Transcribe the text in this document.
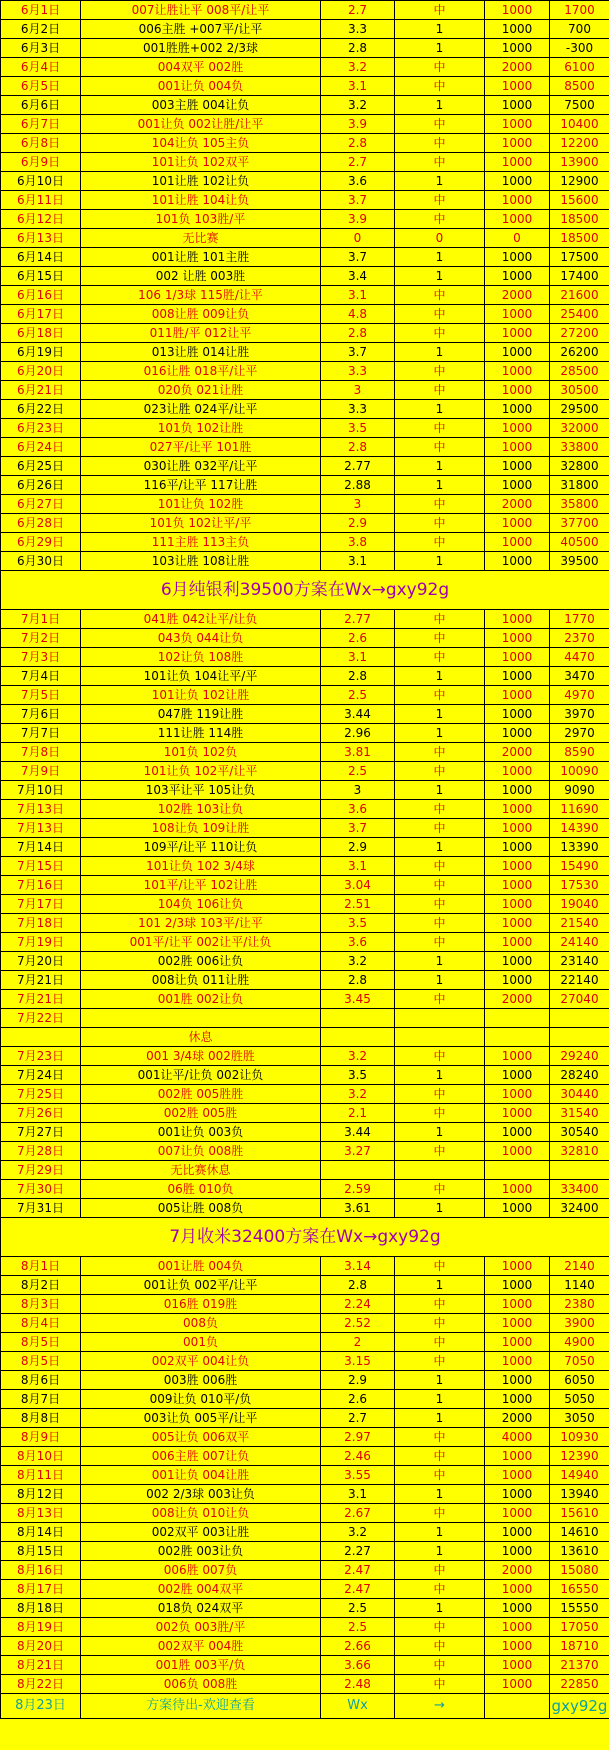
6月1日	007让胜让平 008平/让平	2.7	中	1000	1700
6月2日	006主胜 +007平/让平	3.3	1	1000	700
6月3日	001胜胜+002 2/3球	2.8	1	1000	-300
6月4日	004双平 002胜	3.2	中	2000	6100
6月5日	001让负 004负	3.1	中	1000	8500
6月6日	003主胜 004让负	3.2	1	1000	7500
6月7日	001让负 002让胜/让平	3.9	中	1000	10400
6月8日	104让负 105主负	2.8	中	1000	12200
6月9日	101让负 102双平	2.7	中	1000	13900
6月10日	101让胜 102让负	3.6	1	1000	12900
6月11日	101让胜 104让负	3.7	中	1000	15600
6月12日	101负 103胜/平	3.9	中	1000	18500
6月13日	无比赛	0	0	0	18500
6月14日	001让胜 101主胜	3.7	1	1000	17500
6月15日	002 让胜 003胜	3.4	1	1000	17400
6月16日	106 1/3球 115胜/让平	3.1	中	2000	21600
6月17日	008让胜 009让负	4.8	中	1000	25400
6月18日	011胜/平 012让平	2.8	中	1000	27200
6月19日	013让胜 014让胜	3.7	1	1000	26200
6月20日	016让胜 018平/让平	3.3	中	1000	28500
6月21日	020负 021让胜	3	中	1000	30500
6月22日	023让胜 024平/让平	3.3	1	1000	29500
6月23日	101负 102让胜	3.5	中	1000	32000
6月24日	027平/让平 101胜	2.8	中	1000	33800
6月25日	030让胜 032平/让平	2.77	1	1000	32800
6月26日	116平/让平 117让胜	2.88	1	1000	31800
6月27日	101让负 102胜	3	中	2000	35800
6月28日	101负 102让平/平	2.9	中	1000	37700
6月29日	111主胜 113主负	3.8	中	1000	40500
6月30日	103让胜 108让胜	3.1	1	1000	39500
6月纯银利39500方案在Wx→gxy92g					
7月1日	041胜 042让平/让负	2.77	中	1000	1770
7月2日	043负 044让负	2.6	中	1000	2370
7月3日	102让负 108胜	3.1	中	1000	4470
7月4日	101让负 104让平/平	2.8	1	1000	3470
7月5日	101让负 102让胜	2.5	中	1000	4970
7月6日	047胜 119让胜	3.44	1	1000	3970
7月7日	111让胜 114胜	2.96	1	1000	2970
7月8日	101负 102负	3.81	中	2000	8590
7月9日	101让负 102平/让平	2.5	中	1000	10090
7月10日	103平让平 105让负	3	1	1000	9090
7月13日	102胜 103让负	3.6	中	1000	11690
7月13日	108让负 109让胜	3.7	中	1000	14390
7月14日	109平/让平 110让负	2.9	1	1000	13390
7月15日	101让负 102 3/4球	3.1	中	1000	15490
7月16日	101平/让平 102让胜	3.04	中	1000	17530
7月17日	104负 106让负	2.51	中	1000	19040
7月18日	101 2/3球 103平/让平	3.5	中	1000	21540
7月19日	001平/让平 002让平/让负	3.6	中	1000	24140
7月20日	002胜 006让负	3.2	1	1000	23140
7月21日	008让负 011让胜	2.8	1	1000	22140
7月21日	001胜 002让负	3.45	中	2000	27040
7月22日					
	休息				
7月23日	001 3/4球 002胜胜	3.2	中	1000	29240
7月24日	001让平/让负 002让负	3.5	1	1000	28240
7月25日	002胜 005胜胜	3.2	中	1000	30440
7月26日	002胜 005胜	2.1	中	1000	31540
7月27日	001让负 003负	3.44	1	1000	30540
7月28日	007让负 008胜	3.27	中	1000	32810
7月29日	无比赛休息				
7月30日	06胜 010负	2.59	中	1000	33400
7月31日	005让胜 008负	3.61	1	1000	32400
7月收米32400方案在Wx→gxy92g					
8月1日	001让胜 004负	3.14	中	1000	2140
8月2日	001让负 002平/让平	2.8	1	1000	1140
8月3日	016胜 019胜	2.24	中	1000	2380
8月4日	008负	2.52	中	1000	3900
8月5日	001负	2	中	1000	4900
8月5日	002双平 004让负	3.15	中	1000	7050
8月6日	003胜 006胜	2.9	1	1000	6050
8月7日	009让负 010平/负	2.6	1	1000	5050
8月8日	003让负 005平/让平	2.7	1	2000	3050
8月9日	005让负 006双平	2.97	中	4000	10930
8月10日	006主胜 007让负	2.46	中	1000	12390
8月11日	001让负 004让胜	3.55	中	1000	14940
8月12日	002 2/3球 003让负	3.1	1	1000	13940
8月13日	008让负 010让负	2.67	中	1000	15610
8月14日	002双平 003让胜	3.2	1	1000	14610
8月15日	002胜 003让负	2.27	1	1000	13610
8月16日	006胜 007负	2.47	中	2000	15080
8月17日	002胜 004双平	2.47	中	1000	16550
8月18日	018负 024双平	2.5	1	1000	15550
8月19日	002负 003胜/平	2.5	中	1000	17050
8月20日	002双平 004胜	2.66	中	1000	18710
8月21日	001胜 003平/负	3.66	中	1000	21370
8月22日	006负 008胜	2.48	中	1000	22850
8月23日	方案待出-欢迎查看	Wx	→		gxy92g
